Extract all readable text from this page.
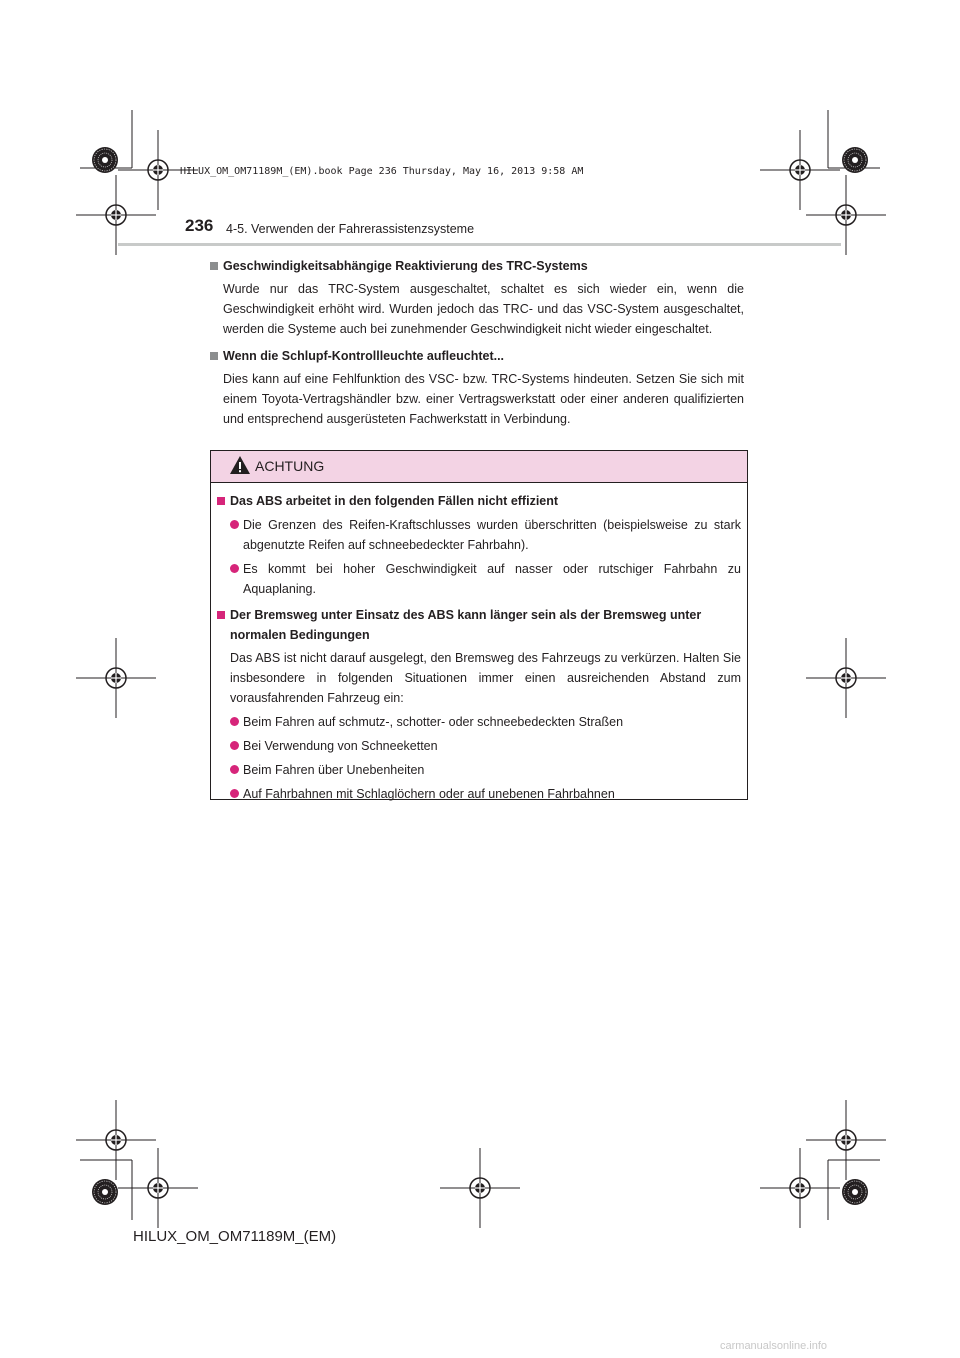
HILUX_OM_OM71189M_(EM).book Page 236 Thursday, May 16, 2013 9:58 AM
236 4-5. Verwenden der Fahrerassistenzsysteme

Geschwindigkeitsabhängige Reaktivierung des TRC-Systems

Wurde nur das TRC-System ausgeschaltet, schaltet es sich wieder ein, wenn die Geschwindigkeit erhöht wird. Wurden jedoch das TRC- und das VSC-System ausgeschaltet, werden die Systeme auch bei zunehmender Geschwindigkeit nicht wieder eingeschaltet.

Wenn die Schlupf-Kontrollleuchte aufleuchtet...

Dies kann auf eine Fehlfunktion des VSC- bzw. TRC-Systems hindeuten. Setzen Sie sich mit einem Toyota-Vertragshändler bzw. einer Vertragswerkstatt oder einer anderen qualifizierten und entsprechend ausgerüsteten Fachwerkstatt in Verbindung.

ACHTUNG

Das ABS arbeitet in den folgenden Fällen nicht effizient

Die Grenzen des Reifen-Kraftschlusses wurden überschritten (beispielsweise zu stark abgenutzte Reifen auf schneebedeckter Fahrbahn).
Es kommt bei hoher Geschwindigkeit auf nasser oder rutschiger Fahrbahn zu Aquaplaning.

Der Bremsweg unter Einsatz des ABS kann länger sein als der Bremsweg unter normalen Bedingungen

Das ABS ist nicht darauf ausgelegt, den Bremsweg des Fahrzeugs zu verkürzen. Halten Sie insbesondere in folgenden Situationen immer einen ausreichenden Abstand zum vorausfahrenden Fahrzeug ein:

Beim Fahren auf schmutz-, schotter- oder schneebedeckten Straßen
Bei Verwendung von Schneeketten
Beim Fahren über Unebenheiten
Auf Fahrbahnen mit Schlaglöchern oder auf unebenen Fahrbahnen
HILUX_OM_OM71189M_(EM)
carmanualsonline.info
